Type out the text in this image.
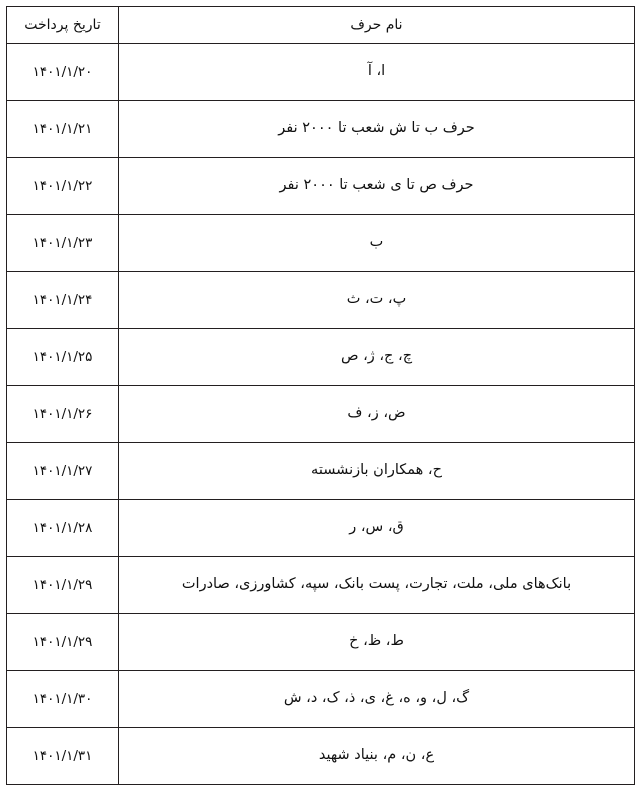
نام حرف	تاریخ پرداخت
ا، آ	۱۴۰۱/۱/۲۰
حرف ب تا ش شعب تا ۲۰۰۰ نفر	۱۴۰۱/۱/۲۱
حرف ص تا ی شعب تا ۲۰۰۰ نفر	۱۴۰۱/۱/۲۲
ب	۱۴۰۱/۱/۲۳
پ، ت، ث	۱۴۰۱/۱/۲۴
چ، ج، ژ، ص	۱۴۰۱/۱/۲۵
ض، ز، ف	۱۴۰۱/۱/۲۶
ح، همکاران بازنشسته	۱۴۰۱/۱/۲۷
ق، س، ر	۱۴۰۱/۱/۲۸
بانک‌های ملی، ملت، تجارت، پست بانک، سپه، کشاورزی، صادرات	۱۴۰۱/۱/۲۹
ط، ظ، خ	۱۴۰۱/۱/۲۹
گ، ل، و، ه، غ، ی، ذ، ک، د، ش	۱۴۰۱/۱/۳۰
ع، ن، م، بنیاد شهید	۱۴۰۱/۱/۳۱
